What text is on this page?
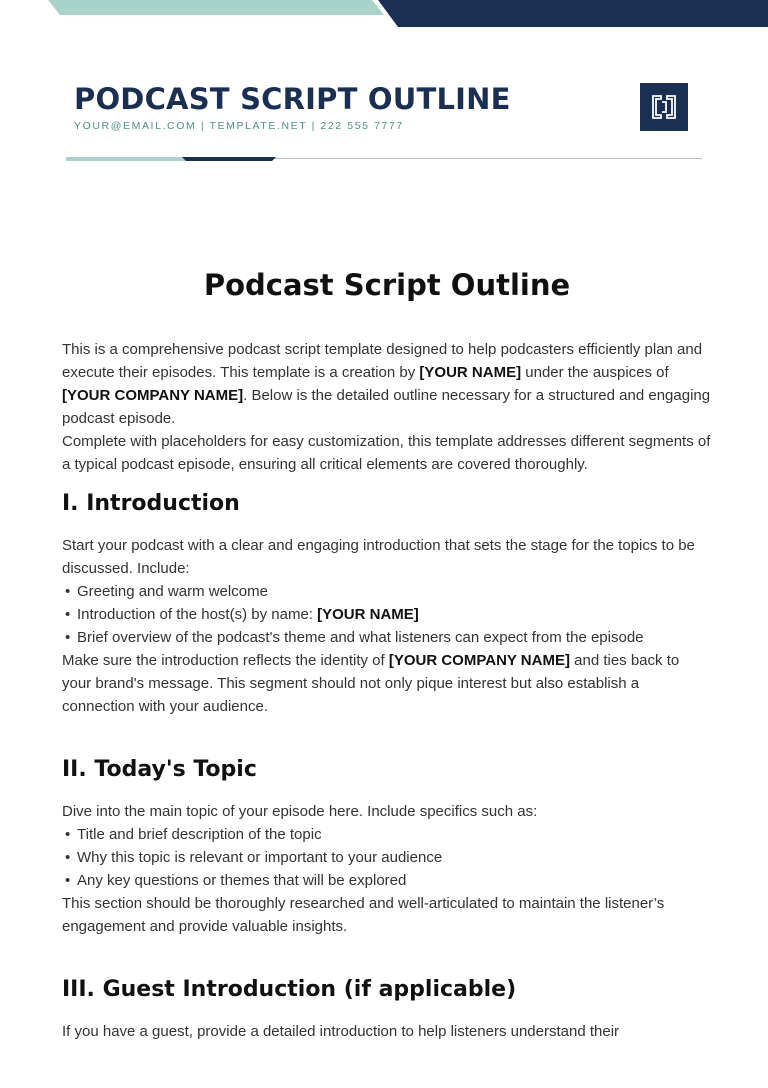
PODCAST SCRIPT OUTLINE
YOUR@EMAIL.COM | TEMPLATE.NET | 222 555 7777
Podcast Script Outline

This is a comprehensive podcast script template designed to help podcasters efficiently plan and execute their episodes. This template is a creation by [YOUR NAME] under the auspices of [YOUR COMPANY NAME]. Below is the detailed outline necessary for a structured and engaging podcast episode.

Complete with placeholders for easy customization, this template addresses different segments of a typical podcast episode, ensuring all critical elements are covered thoroughly.

I. Introduction

Start your podcast with a clear and engaging introduction that sets the stage for the topics to be discussed. Include:

• Greeting and warm welcome
• Introduction of the host(s) by name: [YOUR NAME]
• Brief overview of the podcast's theme and what listeners can expect from the episode

Make sure the introduction reflects the identity of [YOUR COMPANY NAME] and ties back to your brand's message. This segment should not only pique interest but also establish a connection with your audience.

II. Today's Topic

Dive into the main topic of your episode here. Include specifics such as:

• Title and brief description of the topic
• Why this topic is relevant or important to your audience
• Any key questions or themes that will be explored

This section should be thoroughly researched and well-articulated to maintain the listener’s engagement and provide valuable insights.

III. Guest Introduction (if applicable)

If you have a guest, provide a detailed introduction to help listeners understand their
